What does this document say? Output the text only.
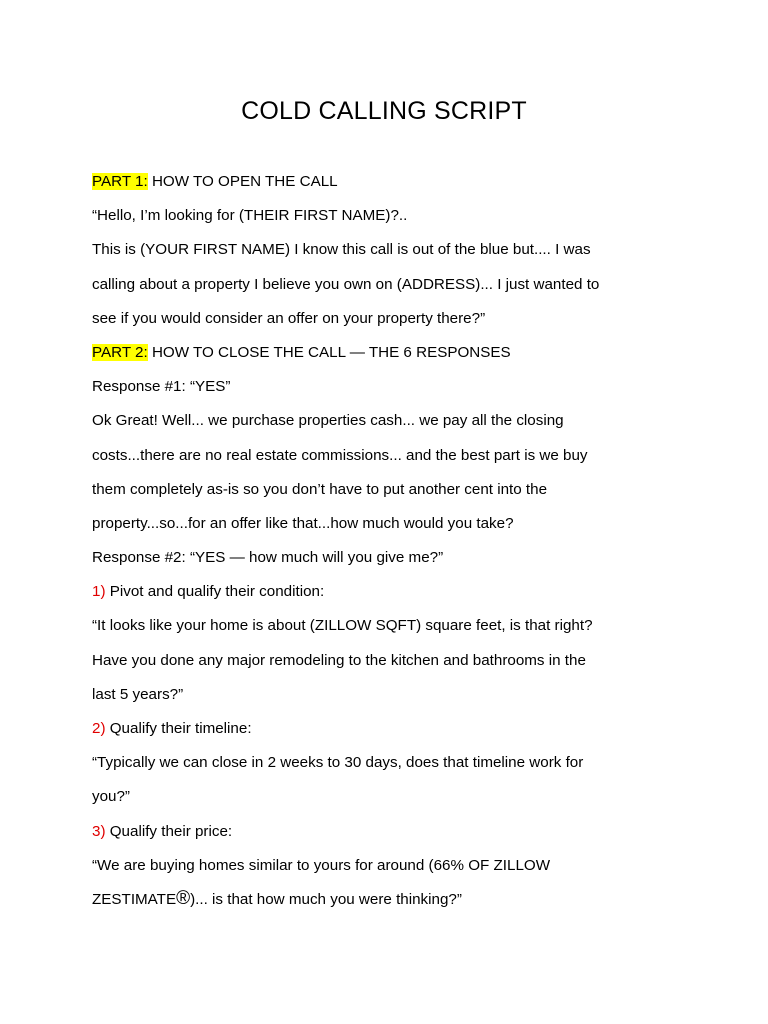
COLD CALLING SCRIPT
PART 1: HOW TO OPEN THE CALL
“Hello, I’m looking for (THEIR FIRST NAME)?..
This is (YOUR FIRST NAME) I know this call is out of the blue but.... I was
calling about a property I believe you own on (ADDRESS)... I just wanted to
see if you would consider an offer on your property there?”
PART 2: HOW TO CLOSE THE CALL — THE 6 RESPONSES
Response #1: “YES”
Ok Great! Well... we purchase properties cash... we pay all the closing
costs...there are no real estate commissions... and the best part is we buy
them completely as-is so you don’t have to put another cent into the
property...so...for an offer like that...how much would you take?
Response #2: “YES — how much will you give me?”
1) Pivot and qualify their condition:
“It looks like your home is about (ZILLOW SQFT) square feet, is that right?
Have you done any major remodeling to the kitchen and bathrooms in the
last 5 years?”
2) Qualify their timeline:
“Typically we can close in 2 weeks to 30 days, does that timeline work for
you?”
3) Qualify their price:
“We are buying homes similar to yours for around (66% OF ZILLOW
ZESTIMATE®)... is that how much you were thinking?”
